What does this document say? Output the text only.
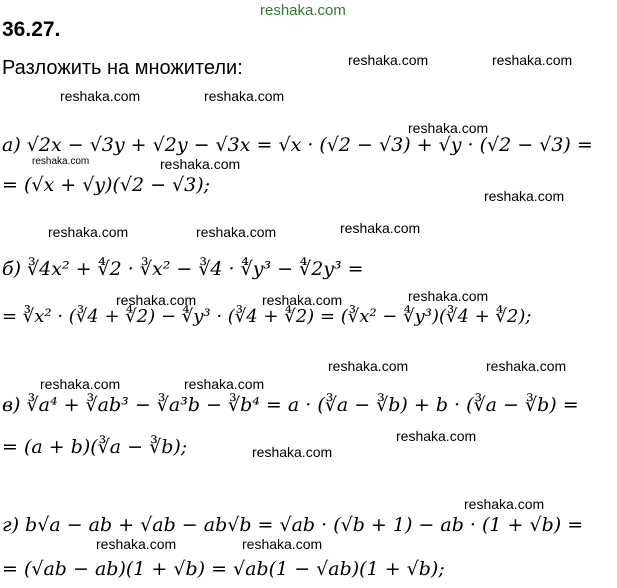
reshaka.com
36.27.
Разложить на множители:	reshaka.com	reshaka.com
reshaka.com	reshaka.com
reshaka.com
reshaka.com	reshaka.com
reshaka.com
reshaka.com	reshaka.com	reshaka.com
reshaka.com
reshaka.com	reshaka.com
reshaka.com	reshaka.com
reshaka.com	reshaka.com
reshaka.com
reshaka.com
reshaka.com
reshaka.com	reshaka.com
а) √2x − √3y + √2y − √3x = √x · (√2 − √3) + √y · (√2 − √3) =
= (√x + √y)(√2 − √3);
б) ∛4x² + ∜2 · ∛x² − ∛4 · ∜y³ − ∜2y³ =
= ∛x² · (∛4 + ∜2) − ∜y³ · (∛4 + ∜2) = (∛x² − ∜y³)(∛4 + ∜2);
в) ∛a⁴ + ∛ab³ − ∛a³b − ∛b⁴ = a · (∛a − ∛b) + b · (∛a − ∛b) =
= (a + b)(∛a − ∛b);
г) b√a − ab + √ab − ab√b = √ab · (√b + 1) − ab · (1 + √b) =
= (√ab − ab)(1 + √b) = √ab(1 − √ab)(1 + √b);
